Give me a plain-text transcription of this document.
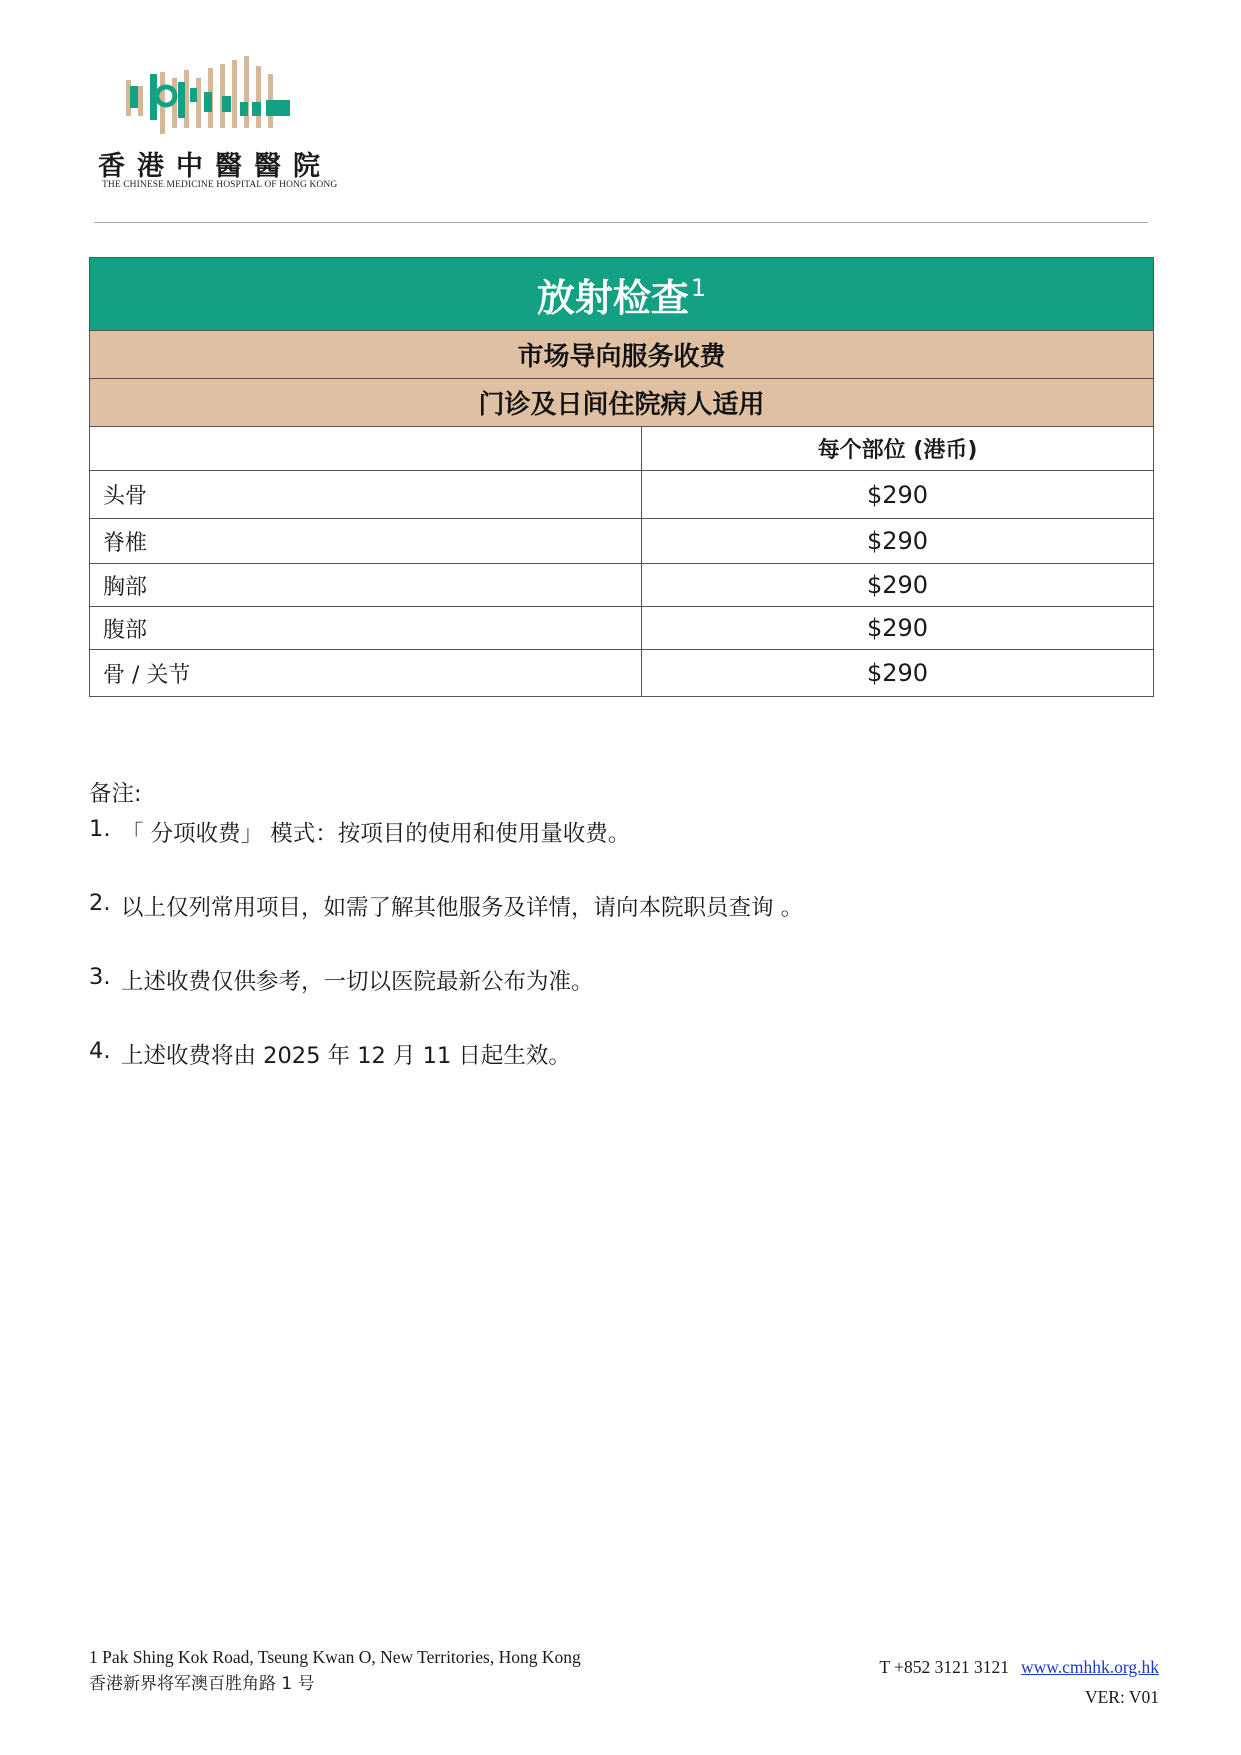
香港中醫醫院
THE CHINESE MEDICINE HOSPITAL OF HONG KONG
放射检查$^1$
市场导向服务收费
门诊及日间住院病人适用
每个部位 (港币)
头骨	$290
脊椎	$290
胸部	$290
腹部	$290
骨 / 关节	$290
备注:
1. 「 分项收费」 模式：按项目的使用和使用量收费。
2. 以上仅列常用项目，如需了解其他服务及详情，请向本院职员查询 。
3. 上述收费仅供参考，一切以医院最新公布为准。
4. 上述收费将由 2025 年 12 月 11 日起生效。
1 Pak Shing Kok Road, Tseung Kwan O, New Territories, Hong Kong
香港新界将军澳百胜角路 1 号
T +852 3121 3121 www.cmhhk.org.hk
VER: V01
